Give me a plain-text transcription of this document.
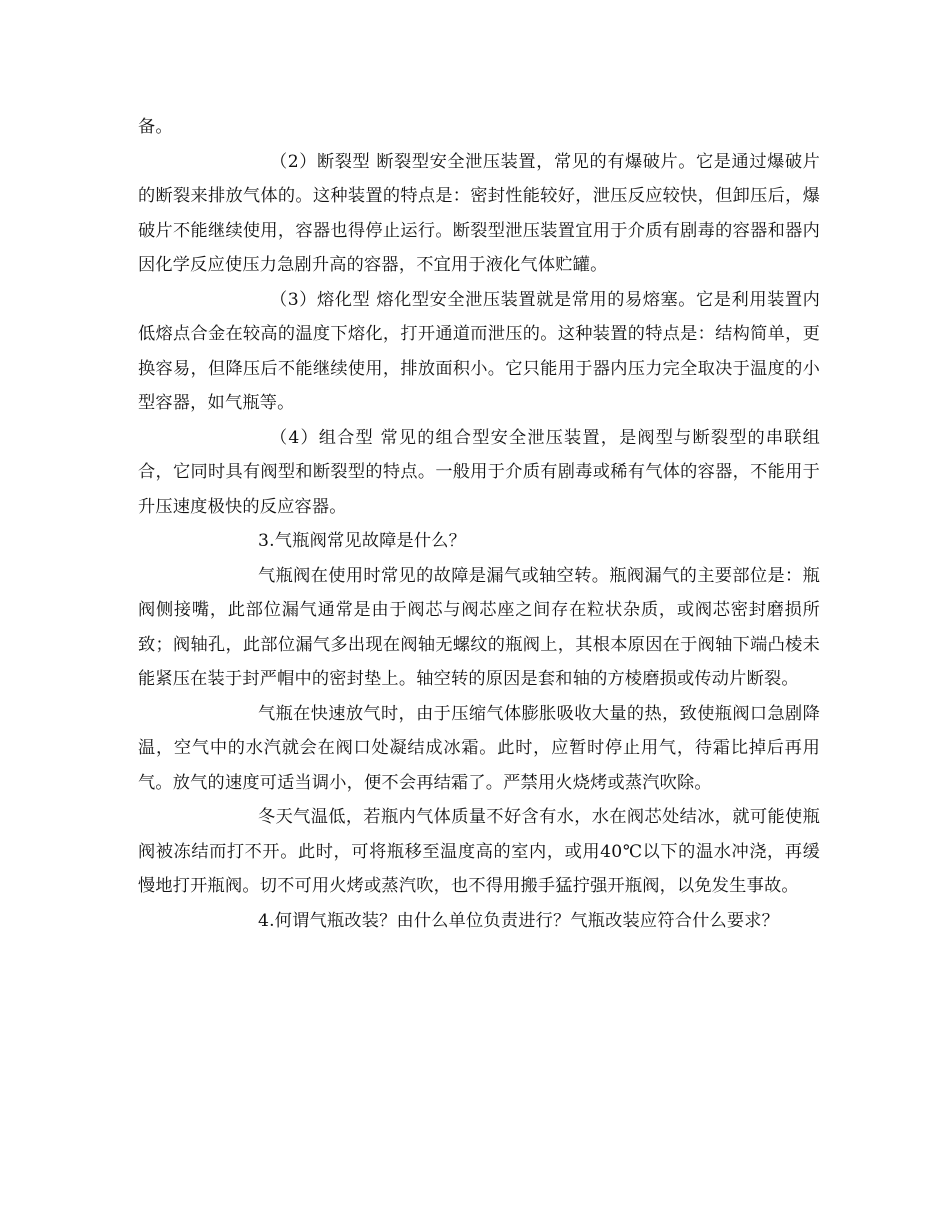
备。

（2）断裂型 断裂型安全泄压装置，常见的有爆破片。它是通过爆破片的断裂来排放气体的。这种装置的特点是：密封性能较好，泄压反应较快，但卸压后，爆破片不能继续使用，容器也得停止运行。断裂型泄压装置宜用于介质有剧毒的容器和器内因化学反应使压力急剧升高的容器，不宜用于液化气体贮罐。

（3）熔化型 熔化型安全泄压装置就是常用的易熔塞。它是利用装置内低熔点合金在较高的温度下熔化，打开通道而泄压的。这种装置的特点是：结构简单，更换容易，但降压后不能继续使用，排放面积小。它只能用于器内压力完全取决于温度的小型容器，如气瓶等。

（4）组合型 常见的组合型安全泄压装置，是阀型与断裂型的串联组合，它同时具有阀型和断裂型的特点。一般用于介质有剧毒或稀有气体的容器，不能用于升压速度极快的反应容器。

3.气瓶阀常见故障是什么？

气瓶阀在使用时常见的故障是漏气或轴空转。瓶阀漏气的主要部位是：瓶阀侧接嘴，此部位漏气通常是由于阀芯与阀芯座之间存在粒状杂质，或阀芯密封磨损所致；阀轴孔，此部位漏气多出现在阀轴无螺纹的瓶阀上，其根本原因在于阀轴下端凸棱未能紧压在装于封严帽中的密封垫上。轴空转的原因是套和轴的方棱磨损或传动片断裂。

气瓶在快速放气时，由于压缩气体膨胀吸收大量的热，致使瓶阀口急剧降温，空气中的水汽就会在阀口处凝结成冰霜。此时，应暂时停止用气，待霜比掉后再用气。放气的速度可适当调小，便不会再结霜了。严禁用火烧烤或蒸汽吹除。

冬天气温低，若瓶内气体质量不好含有水，水在阀芯处结冰，就可能使瓶阀被冻结而打不开。此时，可将瓶移至温度高的室内，或用40℃以下的温水冲浇，再缓慢地打开瓶阀。切不可用火烤或蒸汽吹，也不得用搬手猛拧强开瓶阀，以免发生事故。

4.何谓气瓶改装？由什么单位负责进行？气瓶改装应符合什么要求？
